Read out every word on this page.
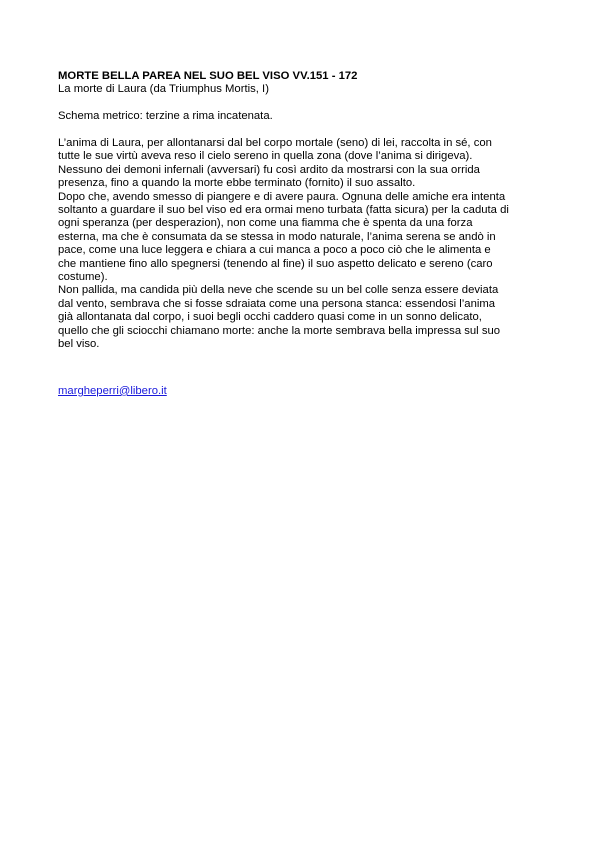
MORTE BELLA PAREA NEL SUO BEL VISO VV.151 - 172
La morte di Laura (da Triumphus Mortis, I)
Schema metrico: terzine a rima incatenata.
L’anima di Laura, per allontanarsi dal bel corpo mortale (seno) di lei, raccolta in sé, con
tutte le sue virtù aveva reso il cielo sereno in quella zona (dove l’anima si dirigeva).
Nessuno dei demoni infernali (avversari) fu così ardito da mostrarsi con la sua orrida
presenza, fino a quando la morte ebbe terminato (fornito) il suo assalto.
Dopo che, avendo smesso di piangere e di avere paura. Ognuna delle amiche era intenta
soltanto a guardare il suo bel viso ed era ormai meno turbata (fatta sicura) per la caduta di
ogni speranza (per desperazion), non come una fiamma che è spenta da una forza
esterna, ma che è consumata da se stessa in modo naturale, l’anima serena se andò in
pace, come una luce leggera e chiara a cui manca a poco a poco ciò che le alimenta e
che mantiene fino allo spegnersi (tenendo al fine) il suo aspetto delicato e sereno (caro
costume).
Non pallida, ma candida più della neve che scende su un bel colle senza essere deviata
dal vento, sembrava che si fosse sdraiata come una persona stanca: essendosi l’anima
già allontanata dal corpo, i suoi begli occhi caddero quasi come in un sonno delicato,
quello che gli sciocchi chiamano morte: anche la morte sembrava bella impressa sul suo
bel viso.
margheperri@libero.it
